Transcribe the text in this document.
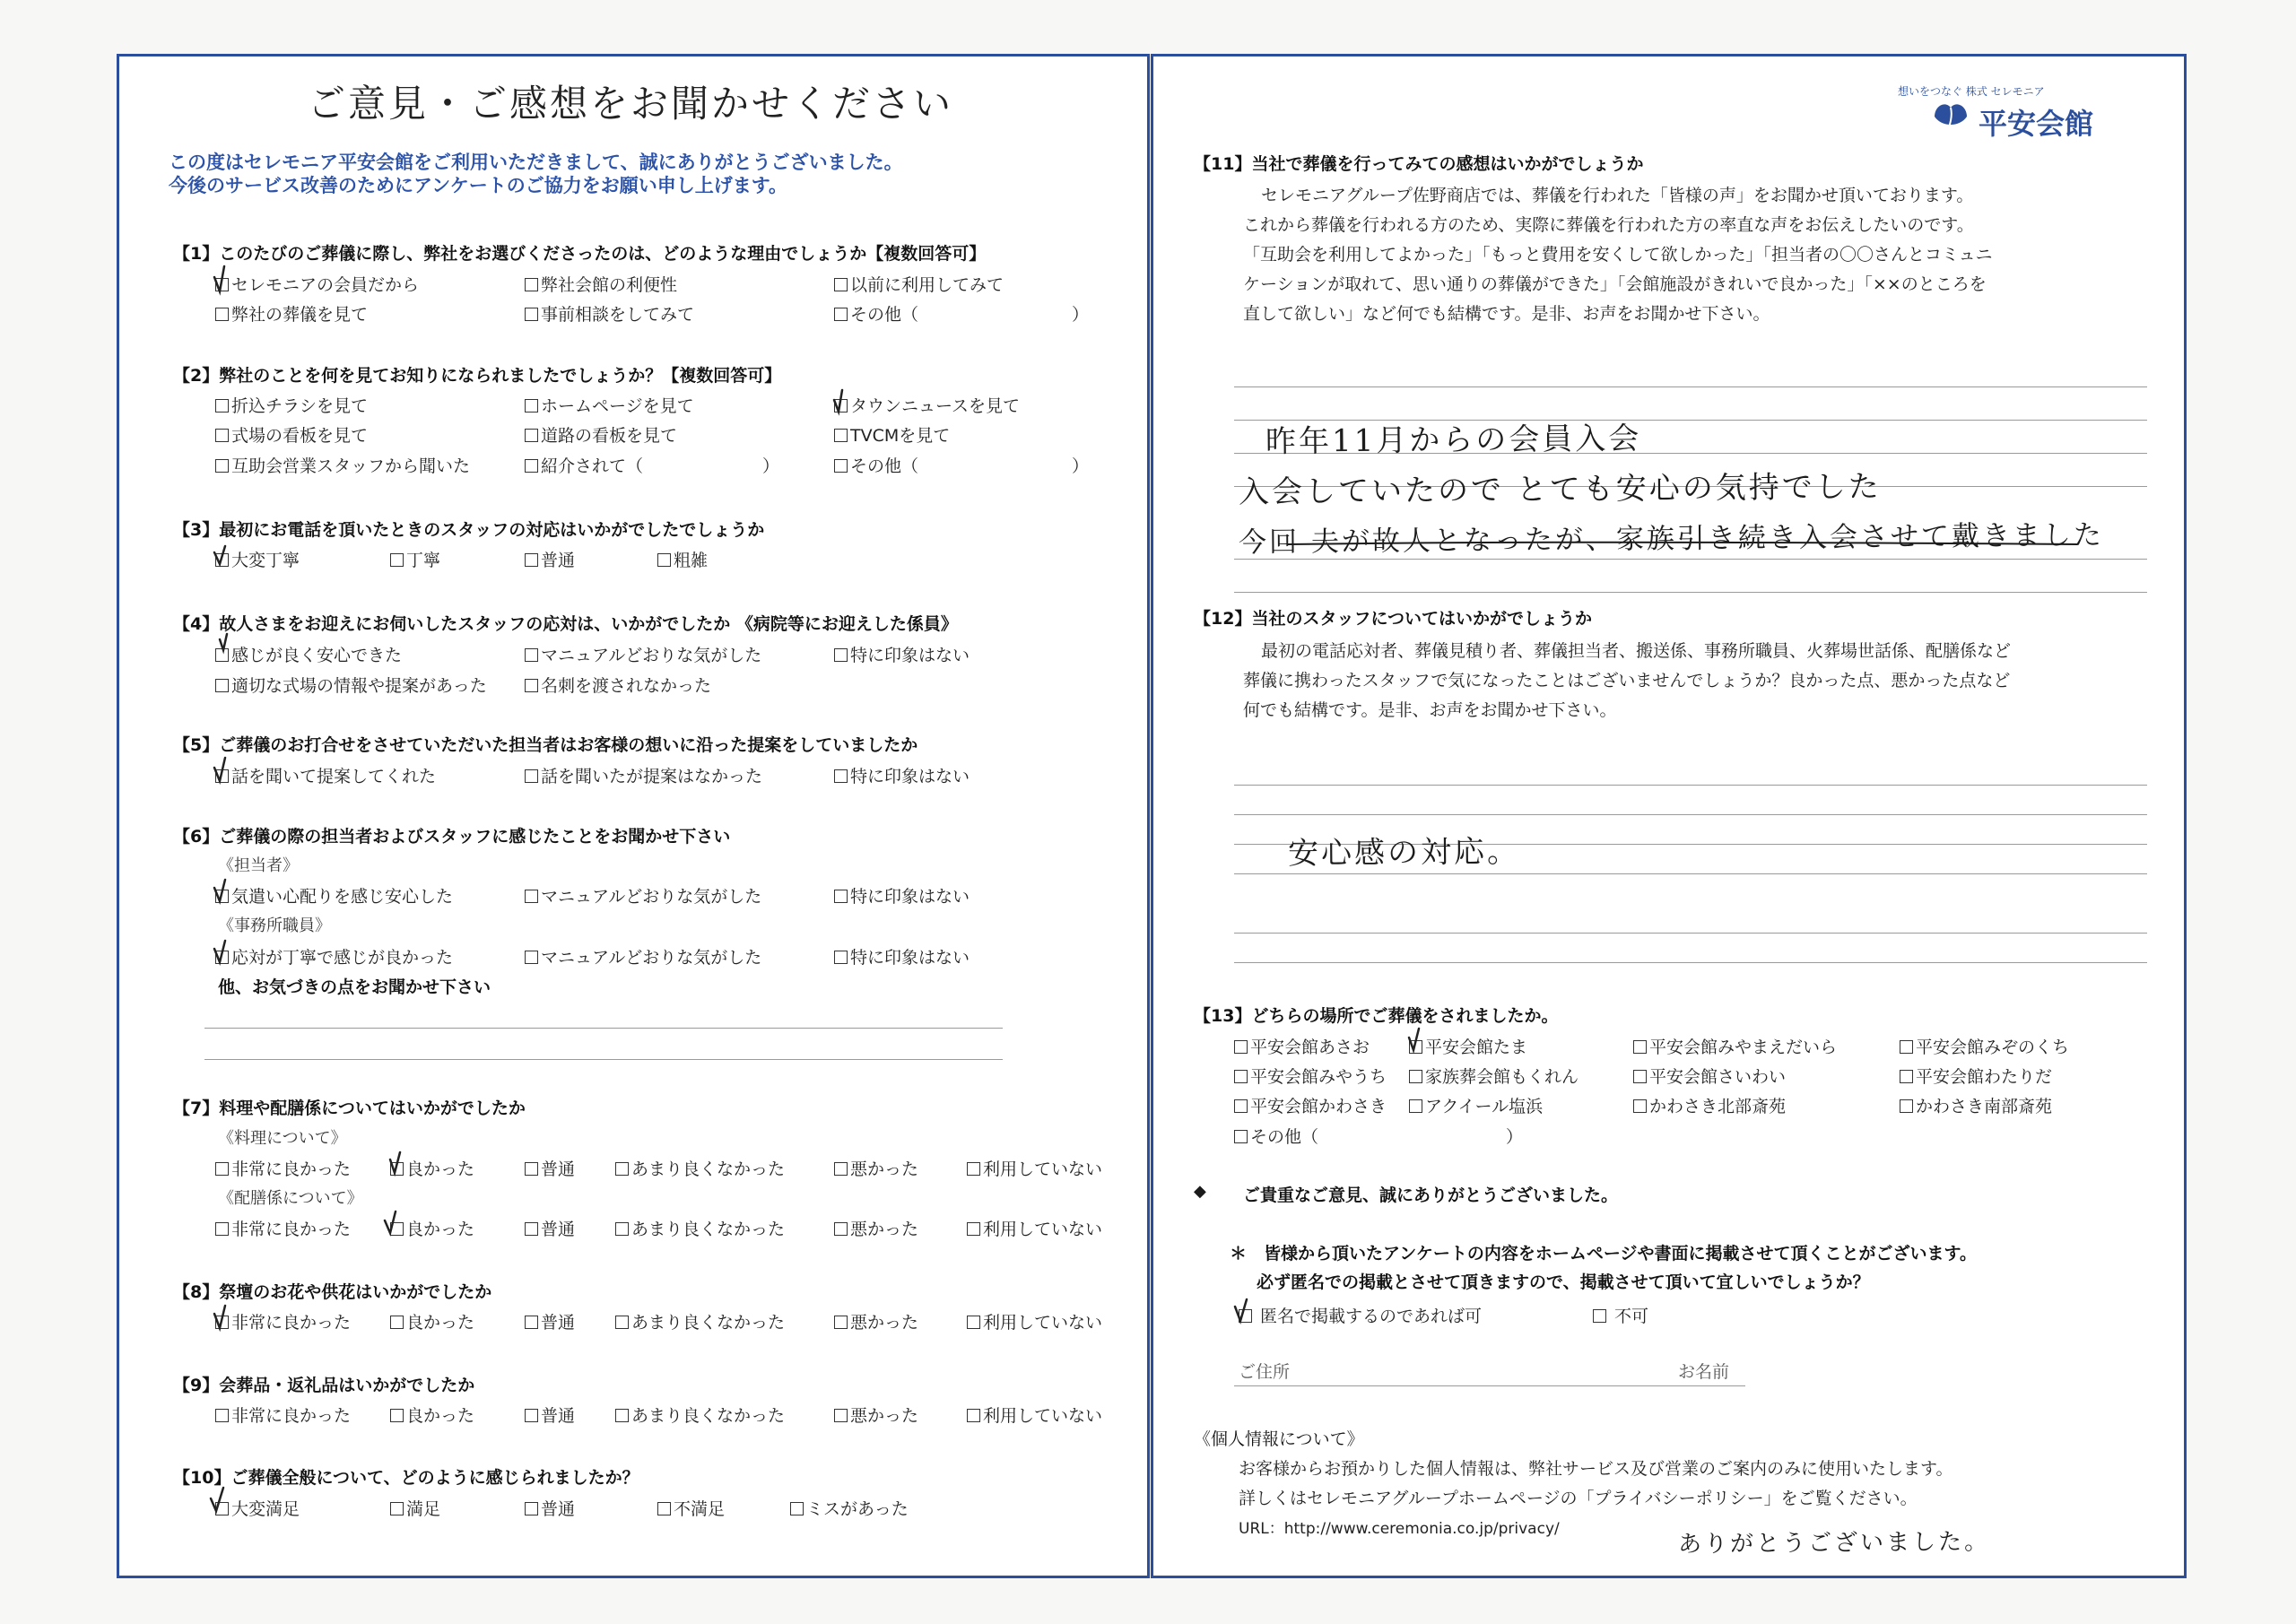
ご意見・ご感想をお聞かせください
この度はセレモニア平安会館をご利用いただきまして、誠にありがとうございました。
今後のサービス改善のためにアンケートのご協力をお願い申し上げます。
【1】このたびのご葬儀に際し、弊社をお選びくださったのは、どのような理由でしょうか【複数回答可】
セレモニアの会員だから	弊社会館の利便性	以前に利用してみて
弊社の葬儀を見て	事前相談をしてみて	その他（　　　　　　　　　）
【2】弊社のことを何を見てお知りになられましたでしょうか？【複数回答可】
折込チラシを見て	ホームページを見て	タウンニュースを見て
式場の看板を見て	道路の看板を見て	TVCMを見て
互助会営業スタッフから聞いた	紹介されて（　　　　　　　）	その他（　　　　　　　　　）
【3】最初にお電話を頂いたときのスタッフの対応はいかがでしたでしょうか
大変丁寧	丁寧	普通	粗雑
【4】故人さまをお迎えにお伺いしたスタッフの応対は、いかがでしたか 《病院等にお迎えした係員》
感じが良く安心できた	マニュアルどおりな気がした	特に印象はない
適切な式場の情報や提案があった	名刺を渡されなかった
【5】ご葬儀のお打合せをさせていただいた担当者はお客様の想いに沿った提案をしていましたか
話を聞いて提案してくれた	話を聞いたが提案はなかった	特に印象はない
【6】ご葬儀の際の担当者およびスタッフに感じたことをお聞かせ下さい
《担当者》
気遣い心配りを感じ安心した	マニュアルどおりな気がした	特に印象はない
《事務所職員》
応対が丁寧で感じが良かった	マニュアルどおりな気がした	特に印象はない
他、お気づきの点をお聞かせ下さい
【7】料理や配膳係についてはいかがでしたか
《料理について》
非常に良かった	良かった	普通	あまり良くなかった	悪かった	利用していない
《配膳係について》
非常に良かった	良かった	普通	あまり良くなかった	悪かった	利用していない
【8】祭壇のお花や供花はいかがでしたか
非常に良かった	良かった	普通	あまり良くなかった	悪かった	利用していない
【9】会葬品・返礼品はいかがでしたか
非常に良かった	良かった	普通	あまり良くなかった	悪かった	利用していない
【10】ご葬儀全般について、どのように感じられましたか？
大変満足	満足	普通	不満足	ミスがあった
想いをつなぐ 株式 セレモニア
平安会館
【11】当社で葬儀を行ってみての感想はいかがでしょうか
セレモニアグループ佐野商店では、葬儀を行われた「皆様の声」をお聞かせ頂いております。
これから葬儀を行われる方のため、実際に葬儀を行われた方の率直な声をお伝えしたいのです。
「互助会を利用してよかった」「もっと費用を安くして欲しかった」「担当者の〇〇さんとコミュニ
ケーションが取れて、思い通りの葬儀ができた」「会館施設がきれいで良かった」「××のところを
直して欲しい」など何でも結構です。是非、お声をお聞かせ下さい。
昨年11月からの会員入会
入会していたので とても安心の気持でした
今回 夫が故人となったが、家族引き続き入会させて戴きました
【12】当社のスタッフについてはいかがでしょうか
最初の電話応対者、葬儀見積り者、葬儀担当者、搬送係、事務所職員、火葬場世話係、配膳係など
葬儀に携わったスタッフで気になったことはございませんでしょうか？良かった点、悪かった点など
何でも結構です。是非、お声をお聞かせ下さい。
安心感の対応。
【13】どちらの場所でご葬儀をされましたか。
平安会館あさお	平安会館たま	平安会館みやまえだいら	平安会館みぞのくち
平安会館みやうち	家族葬会館もくれん	平安会館さいわい	平安会館わたりだ
平安会館かわさき	アクイール塩浜	かわさき北部斎苑	かわさき南部斎苑
その他（　　　　　　　　　　　）
◆ ご貴重なご意見、誠にありがとうございました。
＊　皆様から頂いたアンケートの内容をホームページや書面に掲載させて頂くことがございます。
必ず匿名での掲載とさせて頂きますので、掲載させて頂いて宜しいでしょうか？
匿名で掲載するのであれば可	不可
ご住所	お名前
《個人情報について》
お客様からお預かりした個人情報は、弊社サービス及び営業のご案内のみに使用いたします。
詳しくはセレモニアグループホームページの「プライバシーポリシー」をご覧ください。
URL：http://www.ceremonia.co.jp/privacy/	ありがとうございました。
